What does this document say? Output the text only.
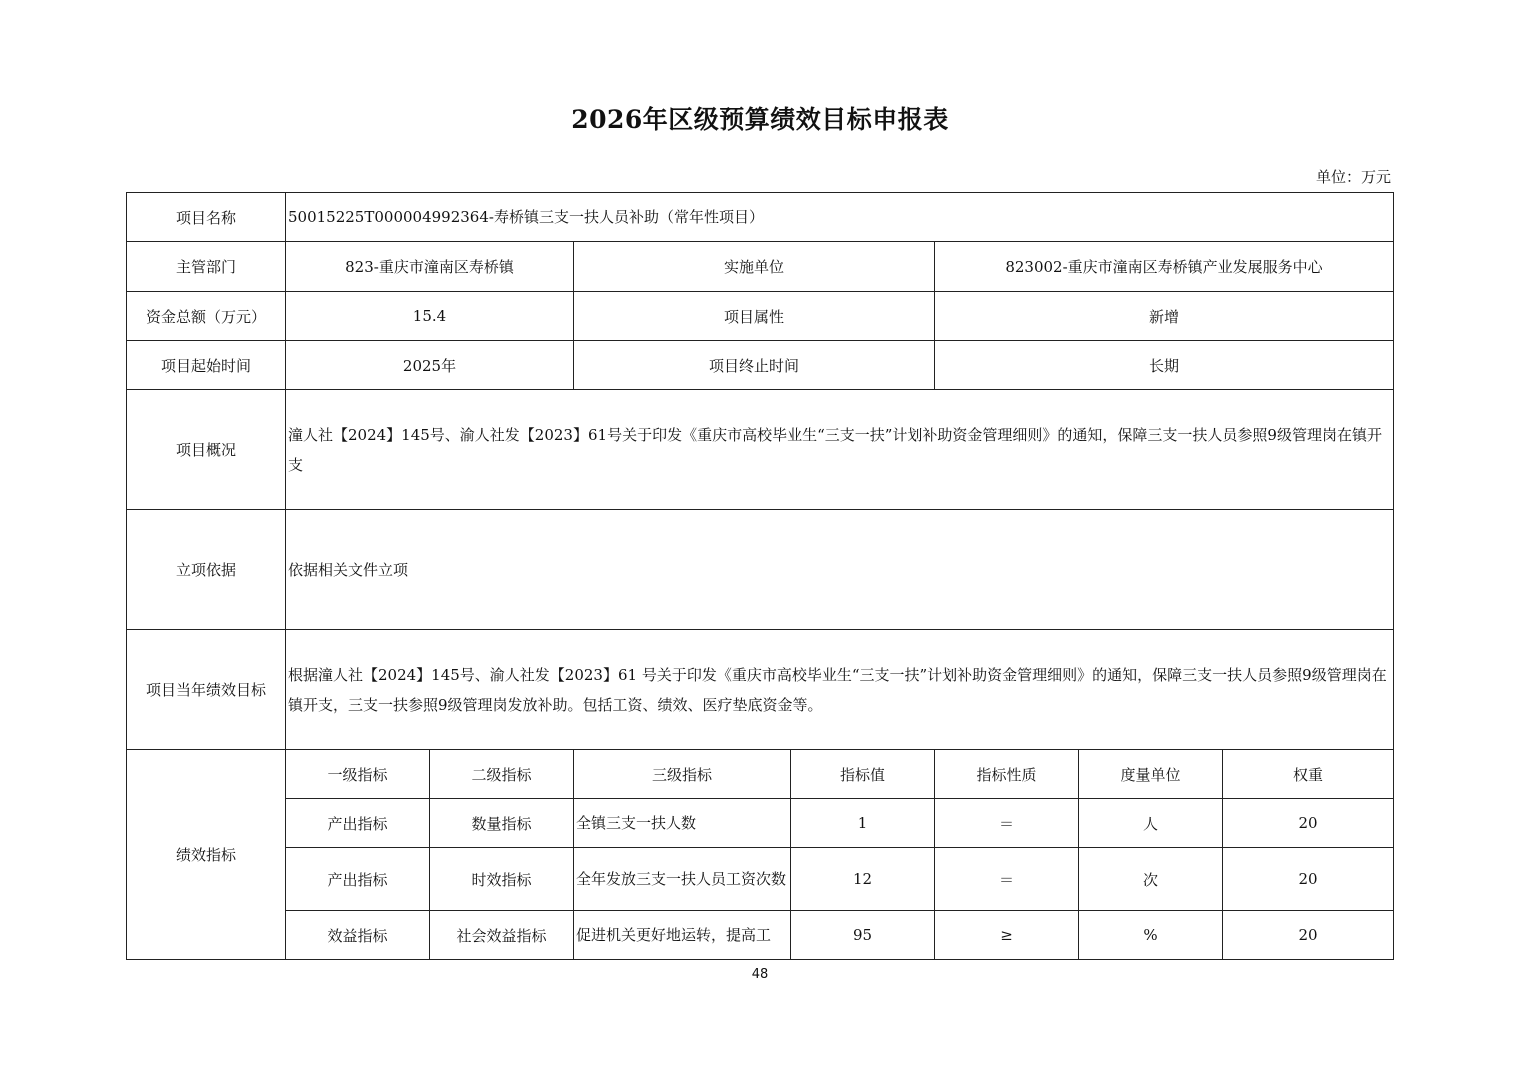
2026年区级预算绩效目标申报表
单位：万元
项目名称	50015225T000004992364-寿桥镇三支一扶人员补助（常年性项目）						
主管部门	823-重庆市潼南区寿桥镇		实施单位		823002-重庆市潼南区寿桥镇产业发展服务中心		
资金总额（万元）	15.4		项目属性		新增		
项目起始时间	2025年		项目终止时间		长期		
项目概况	潼人社【2024】145号、渝人社发【2023】61号关于印发《重庆市高校毕业生“三支一扶”计划补助资金管理细则》的通知，保障三支一扶人员参照9级管理岗在镇开支						
立项依据	依据相关文件立项						
项目当年绩效目标	根据潼人社【2024】145号、渝人社发【2023】61 号关于印发《重庆市高校毕业生“三支一扶”计划补助资金管理细则》的通知，保障三支一扶人员参照9级管理岗在镇开支，三支一扶参照9级管理岗发放补助。包括工资、绩效、医疗垫底资金等。						
绩效指标	一级指标	二级指标	三级指标	指标值	指标性质	度量单位	权重
	产出指标	数量指标	全镇三支一扶人数	1	＝	人	20
	产出指标	时效指标	全年发放三支一扶人员工资次数	12	＝	次	20
	效益指标	社会效益指标	促进机关更好地运转，提高工	95	≥	%	20
48
